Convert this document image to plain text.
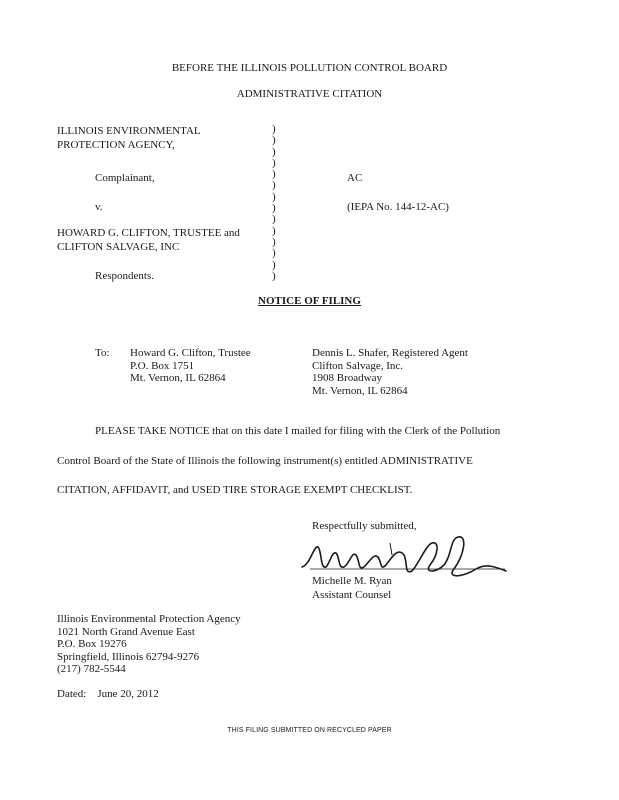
BEFORE THE ILLINOIS POLLUTION CONTROL BOARD
ADMINISTRATIVE CITATION
ILLINOIS ENVIRONMENTAL
PROTECTION AGENCY,
Complainant,
v.
HOWARD G. CLIFTON, TRUSTEE and
CLIFTON SALVAGE, INC
Respondents.
)
)
)
)
)
)
)
)
)
)
)
)
)
)
AC
(IEPA No. 144-12-AC)
NOTICE OF FILING
To: Howard G. Clifton, Trustee
P.O. Box 1751
Mt. Vernon, IL 62864
Dennis L. Shafer, Registered Agent
Clifton Salvage, Inc.
1908 Broadway
Mt. Vernon, IL 62864
PLEASE TAKE NOTICE that on this date I mailed for filing with the Clerk of the Pollution
Control Board of the State of Illinois the following instrument(s) entitled ADMINISTRATIVE
CITATION, AFFIDAVIT, and USED TIRE STORAGE EXEMPT CHECKLIST.
Respectfully submitted,
Michelle M. Ryan
Assistant Counsel
Illinois Environmental Protection Agency
1021 North Grand Avenue East
P.O. Box 19276
Springfield, Illinois 62794-9276
(217) 782-5544
Dated:    June 20, 2012
THIS FILING SUBMITTED ON RECYCLED PAPER
